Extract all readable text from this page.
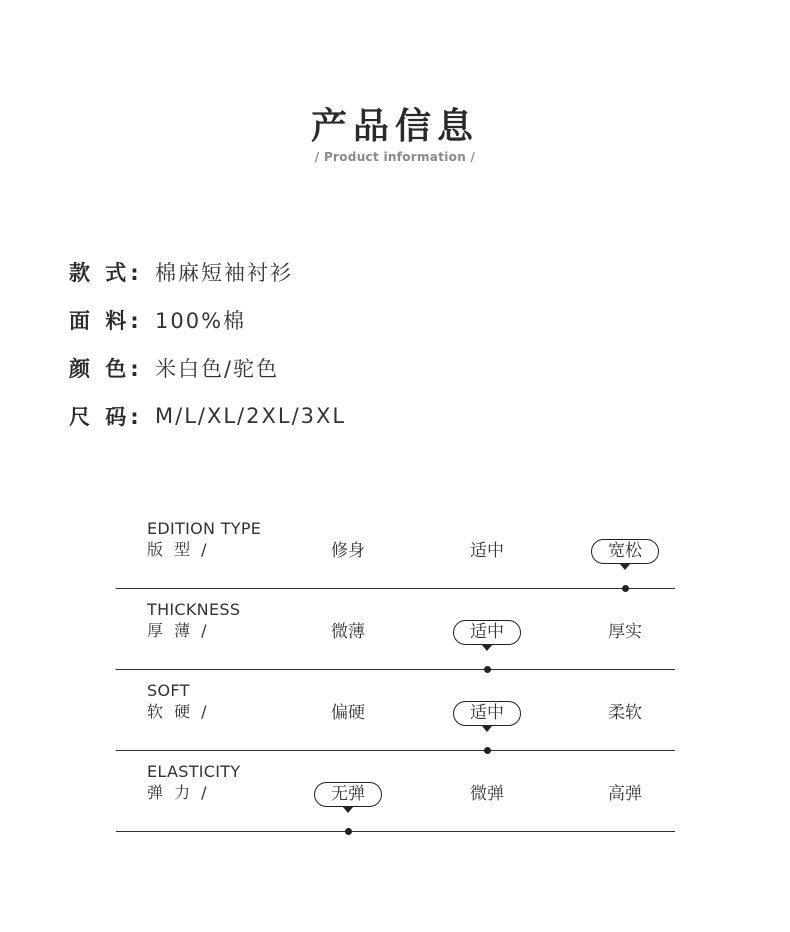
产品信息
/ Product information /
款 式: 棉麻短袖衬衫
面 料: 100%棉
颜 色: 米白色/驼色
尺 码: M/L/XL/2XL/3XL
EDITION TYPE
版 型 /	修身	适中	宽松
THICKNESS
厚 薄 /	微薄	适中	厚实
SOFT
软 硬 /	偏硬	适中	柔软
ELASTICITY
弹 力 /	无弹	微弹	高弹
